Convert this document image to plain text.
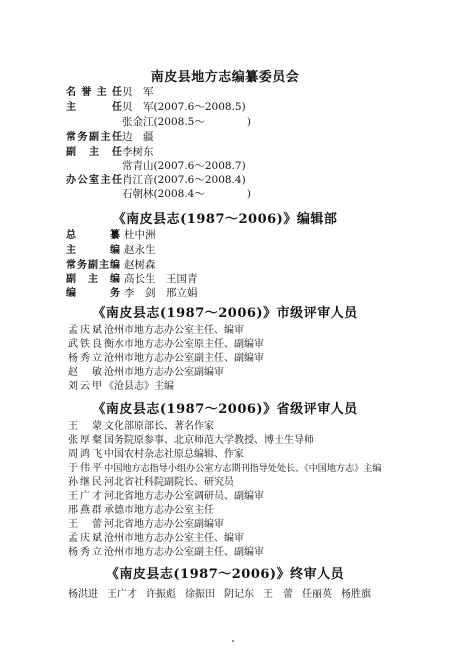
南皮县地方志编纂委员会
名誉主任 贝　军
主　　任 贝　军(2007.6～2008.5)
张金江(2008.5～　　　　)
常务副主任 边　疆
副　主　任 李树东
常青山(2007.6～2008.7)
办公室主任 肖江音(2007.6～2008.4)
石朝林(2008.4～　　　　)
《南皮县志(1987～2006)》编辑部
总　　纂 杜中洲
主　　编 赵永生
常务副主编 赵树森
副　主　编 高长生　王国青
编　　务 李　剑　邢立娟
《南皮县志(1987～2006)》市级评审人员
孟庆斌 沧州市地方志办公室主任、编审
武铁良 衡水市地方志办公室原主任、副编审
杨秀立 沧州市地方志办公室副主任、副编审
赵　敏 沧州市地方志办公室副编审
刘云甲 《沧县志》主编
《南皮县志(1987～2006)》省级评审人员
王　蒙 文化部原部长、著名作家
张厚粲 国务院原参事、北京师范大学教授、博士生导师
周鸿飞 中国农村杂志社原总编辑、作家
于伟平 中国地方志指导小组办公室方志期刊指导处处长、《中国地方志》主编
孙继民 河北省社科院副院长、研究员
王广才 河北省地方志办公室调研员、副编审
邢燕群 承德市地方志办公室主任
王　蕾 河北省地方志办公室副编审
孟庆斌 沧州市地方志办公室主任、编审
杨秀立 沧州市地方志办公室副主任、副编审
《南皮县志(1987～2006)》终审人员
杨洪进 王广才 许振彪 徐振田 阴记东 王　蕾 任丽英 杨胜旗
